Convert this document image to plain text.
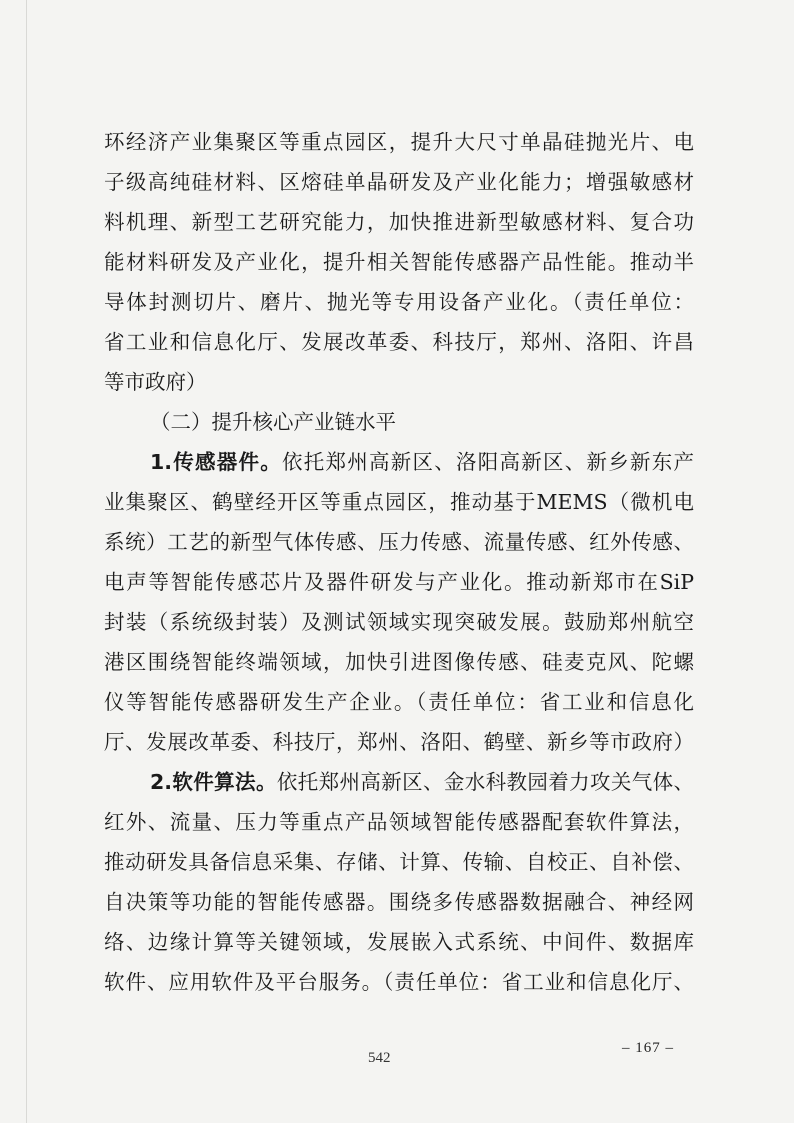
环经济产业集聚区等重点园区，提升大尺寸单晶硅抛光片、电
子级高纯硅材料、区熔硅单晶研发及产业化能力；增强敏感材
料机理、新型工艺研究能力，加快推进新型敏感材料、复合功
能材料研发及产业化，提升相关智能传感器产品性能。推动半
导体封测切片、磨片、抛光等专用设备产业化。（责任单位：
省工业和信息化厅、发展改革委、科技厅，郑州、洛阳、许昌
等市政府）
（二）提升核心产业链水平
1.传感器件。依托郑州高新区、洛阳高新区、新乡新东产
业集聚区、鹤壁经开区等重点园区，推动基于MEMS（微机电
系统）工艺的新型气体传感、压力传感、流量传感、红外传感、
电声等智能传感芯片及器件研发与产业化。推动新郑市在SiP
封装（系统级封装）及测试领域实现突破发展。鼓励郑州航空
港区围绕智能终端领域，加快引进图像传感、硅麦克风、陀螺
仪等智能传感器研发生产企业。（责任单位：省工业和信息化
厅、发展改革委、科技厅，郑州、洛阳、鹤壁、新乡等市政府）
2.软件算法。依托郑州高新区、金水科教园着力攻关气体、
红外、流量、压力等重点产品领域智能传感器配套软件算法，
推动研发具备信息采集、存储、计算、传输、自校正、自补偿、
自决策等功能的智能传感器。围绕多传感器数据融合、神经网
络、边缘计算等关键领域，发展嵌入式系统、中间件、数据库
软件、应用软件及平台服务。（责任单位：省工业和信息化厅、
– 167 –
542
